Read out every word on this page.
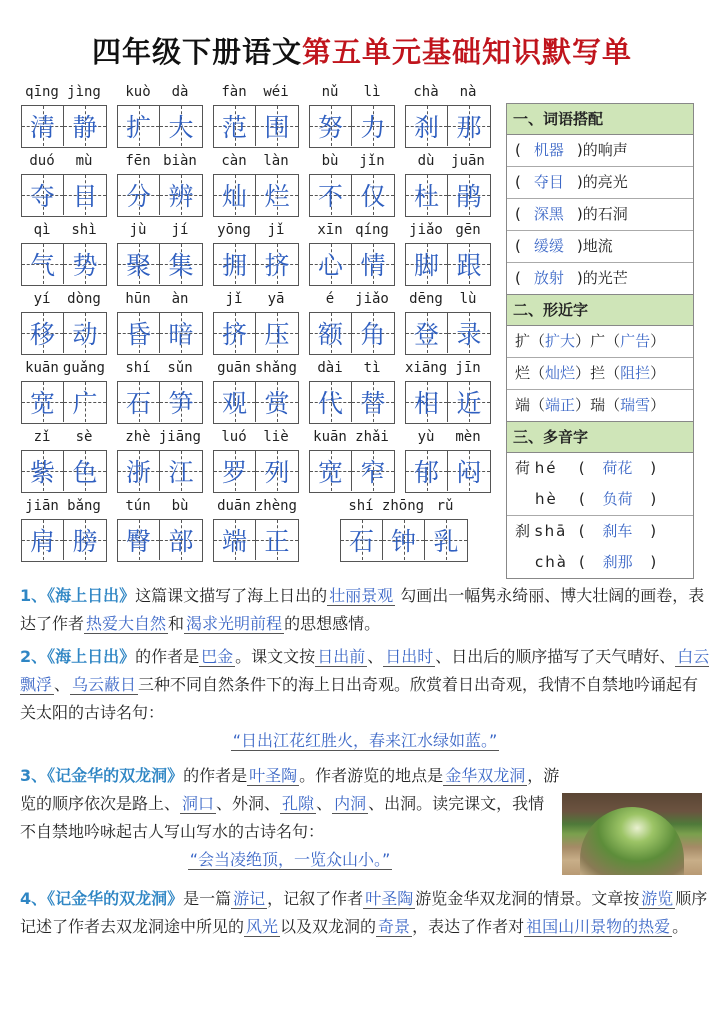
四年级下册语文第五单元基础知识默写单
qīng jìng
清 静
kuò	dà
扩 大
fàn	wéi
范 围
nǔ	lì
努 力
chà	nà
刹 那
duó	mù
夺 目
fēn biàn
分 辨
càn	làn
灿 烂
bù	jǐn
不 仅
dù	juān
杜 鹃
qì	shì
气 势
jù	jí
聚 集
yōng	jǐ
拥 挤
xīn qíng
心 情
jiǎo gēn
脚 跟
yí	dòng
移 动
hūn	àn
昏 暗
jǐ	yā
挤 压
é	jiǎo
额 角
dēng	lù
登 录
kuān guǎng
宽 广
shí	sǔn
石 笋
guān shǎng
观 赏
dài	tì
代 替
xiāng jīn
相 近
zǐ	sè
紫 色
zhè jiāng
浙 江
luó	liè
罗 列
kuān zhǎi
宽 窄
yù	mèn
郁 闷
jiān bǎng
肩 膀
tún	bù
臀 部
duān zhèng
端 正
shí zhōng rǔ
石 钟 乳
一、词语搭配
( 机器 )的响声
( 夺目 )的亮光
( 深黑 )的石洞
( 缓缓 )地流
( 放射 )的光芒
二、形近字
扩（扩大）广（广告）
烂（灿烂）拦（阻拦）
端（端正）瑞（瑞雪）
三、多音字
荷 hé ( 荷花 )
hè ( 负荷 )
刹 shā ( 刹车 )
chà ( 刹那 )
1、《海上日出》这篇课文描写了海上日出的 壮丽景观 勾画出一幅隽永绮丽、博大壮阔的画卷，表达了作者 热爱大自然 和 渴求光明前程 的思想感情。
2、《海上日出》的作者是 巴金 。课文文按 日出前 、 日出时 、日出后的顺序描写了天气晴好、 白云飘浮 、 乌云蔽日 三种不同自然条件下的海上日出奇观。欣赏着日出奇观，我情不自禁地吟诵起有关太阳的古诗名句：
“日出江花红胜火，春来江水绿如蓝。”
3、《记金华的双龙洞》的作者是 叶圣陶 。作者游览的地点是 金华双龙洞 ，游览的顺序依次是路上、 洞口 、外洞、 孔隙 、 内洞 、出洞。读完课文，我情不自禁地吟咏起古人写山写水的古诗名句：
“会当凌绝顶，一览众山小。”
4、《记金华的双龙洞》是一篇 游记 ，记叙了作者 叶圣陶 游览金华双龙洞的情景。文章按 游览 顺序记述了作者去双龙洞途中所见的 风光 以及双龙洞的 奇景 ，表达了作者对 祖国山川景物的热爱 。
